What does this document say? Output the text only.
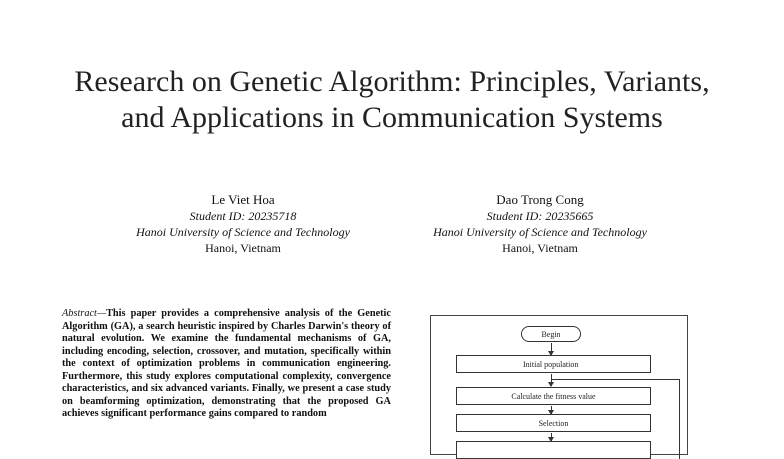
Research on Genetic Algorithm: Principles, Variants, and Applications in Communication Systems
Le Viet Hoa
Student ID: 20235718
Hanoi University of Science and Technology
Hanoi, Vietnam
Dao Trong Cong
Student ID: 20235665
Hanoi University of Science and Technology
Hanoi, Vietnam
Abstract—This paper provides a comprehensive analysis of the Genetic Algorithm (GA), a search heuristic inspired by Charles Darwin's theory of natural evolution. We examine the fundamental mechanisms of GA, including encoding, selection, crossover, and mutation, specifically within the context of optimization problems in communication engineering. Furthermore, this study explores computational complexity, convergence characteristics, and six advanced variants. Finally, we present a case study on beamforming optimization, demonstrating that the proposed GA achieves significant performance gains compared to random
Begin
Initial population
Calculate the fitness value
Selection
